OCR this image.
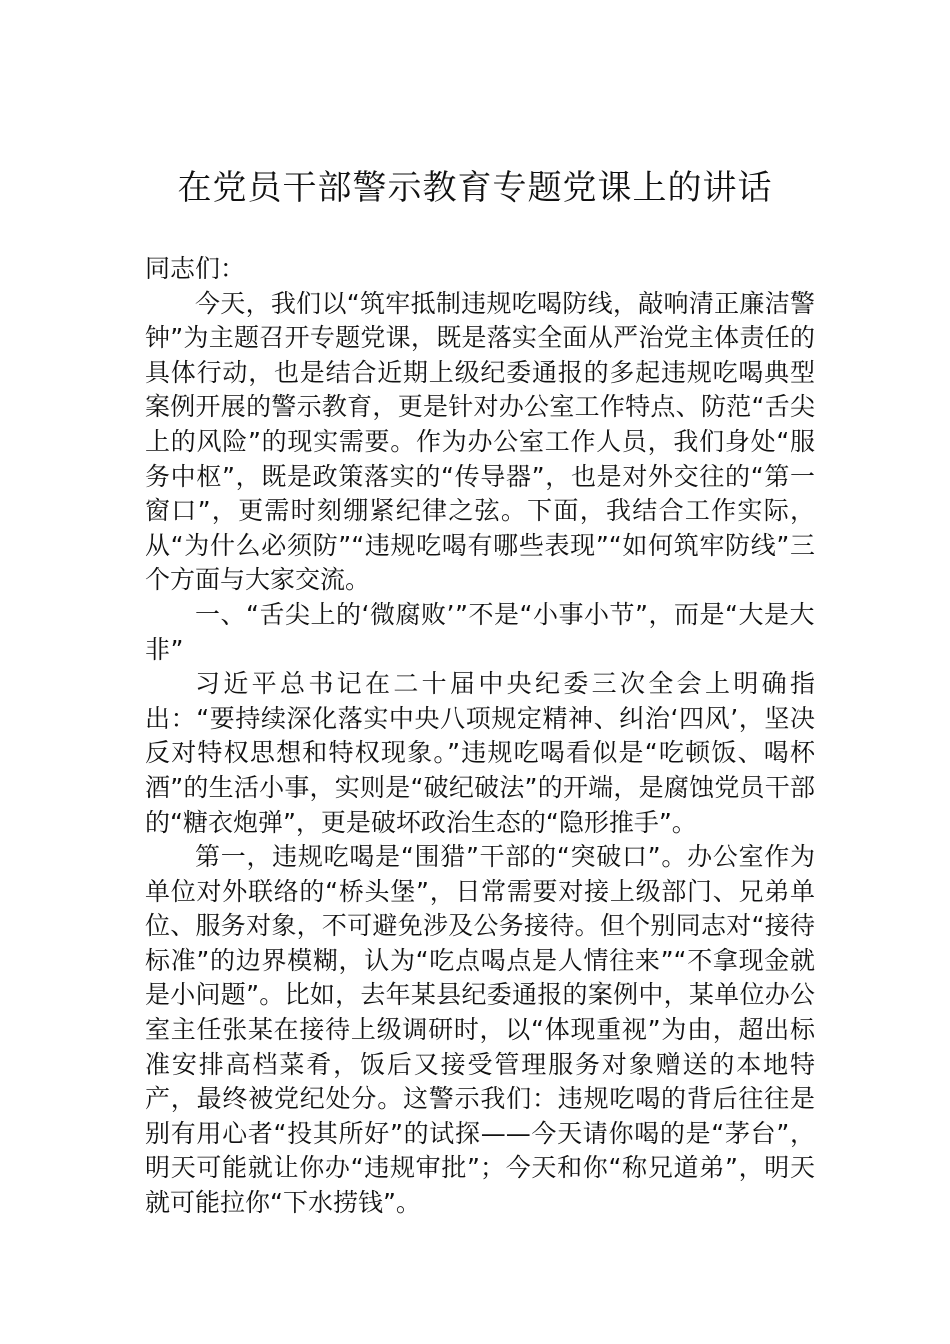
在党员干部警示教育专题党课上的讲话

同志们：

今天，我们以“筑牢抵制违规吃喝防线，敲响清正廉洁警钟”为主题召开专题党课，既是落实全面从严治党主体责任的具体行动，也是结合近期上级纪委通报的多起违规吃喝典型案例开展的警示教育，更是针对办公室工作特点、防范“舌尖上的风险”的现实需要。作为办公室工作人员，我们身处“服务中枢”，既是政策落实的“传导器”，也是对外交往的“第一窗口”，更需时刻绷紧纪律之弦。下面，我结合工作实际，从“为什么必须防”“违规吃喝有哪些表现”“如何筑牢防线”三个方面与大家交流。

一、“舌尖上的‘微腐败’”不是“小事小节”，而是“大是大非”

习近平总书记在二十届中央纪委三次全会上明确指出：“要持续深化落实中央八项规定精神、纠治‘四风’，坚决反对特权思想和特权现象。”违规吃喝看似是“吃顿饭、喝杯酒”的生活小事，实则是“破纪破法”的开端，是腐蚀党员干部的“糖衣炮弹”，更是破坏政治生态的“隐形推手”。

第一，违规吃喝是“围猎”干部的“突破口”。办公室作为单位对外联络的“桥头堡”，日常需要对接上级部门、兄弟单位、服务对象，不可避免涉及公务接待。但个别同志对“接待标准”的边界模糊，认为“吃点喝点是人情往来”“不拿现金就是小问题”。比如，去年某县纪委通报的案例中，某单位办公室主任张某在接待上级调研时，以“体现重视”为由，超出标准安排高档菜肴，饭后又接受管理服务对象赠送的本地特产，最终被党纪处分。这警示我们：违规吃喝的背后往往是别有用心者“投其所好”的试探——今天请你喝的是“茅台”，明天可能就让你办“违规审批”；今天和你“称兄道弟”，明天就可能拉你“下水捞钱”。
